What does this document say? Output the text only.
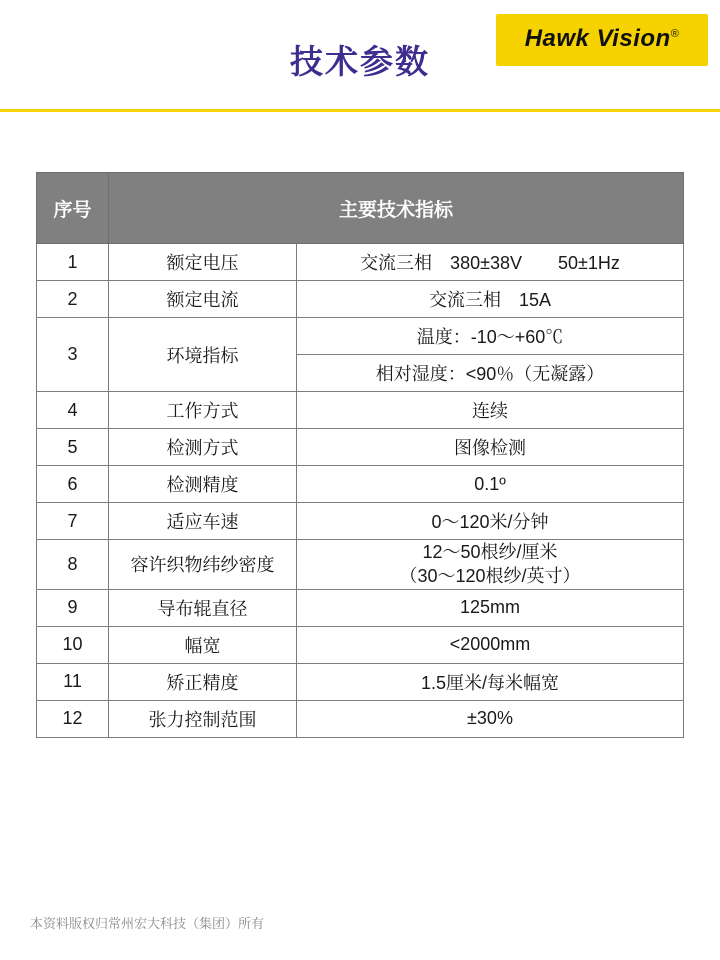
技术参数
Hawk Vision®
序号	主要技术指标	
1	额定电压	交流三相　380±38V　　50±1Hz
2	额定电流	交流三相　15A
3	环境指标	温度：-10～+60℃
		相对湿度：<90％（无凝露）
4	工作方式	连续
5	检测方式	图像检测
6	检测精度	0.1º
7	适应车速	0～120米/分钟
8	容许织物纬纱密度	12～50根纱/厘米
（30～120根纱/英寸）

9	导布辊直径	125mm
10	幅宽	<2000mm
11	矫正精度	1.5厘米/每米幅宽
12	张力控制范围	±30%
本资料版权归常州宏大科技（集团）所有
